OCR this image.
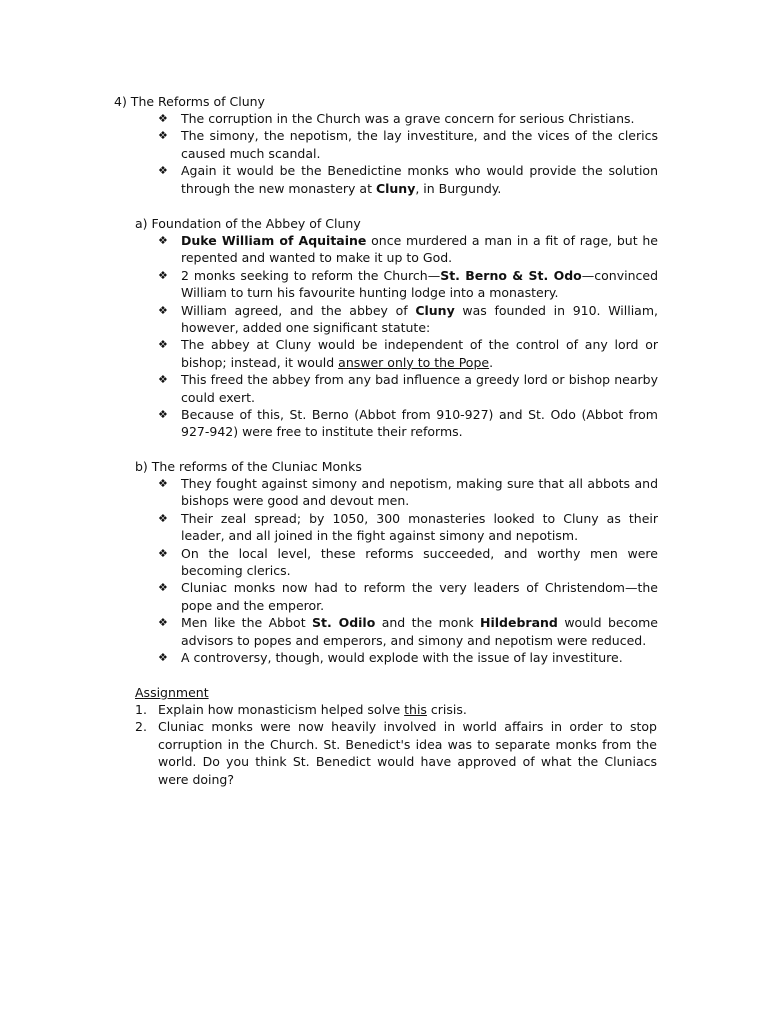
4) The Reforms of Cluny
❖ The corruption in the Church was a grave concern for serious Christians.
❖ The simony, the nepotism, the lay investiture, and the vices of the clerics caused much scandal.
❖ Again it would be the Benedictine monks who would provide the solution through the new monastery at Cluny, in Burgundy.
a) Foundation of the Abbey of Cluny
❖ Duke William of Aquitaine once murdered a man in a fit of rage, but he repented and wanted to make it up to God.
❖ 2 monks seeking to reform the Church—St. Berno & St. Odo—convinced William to turn his favourite hunting lodge into a monastery.
❖ William agreed, and the abbey of Cluny was founded in 910. William, however, added one significant statute:
❖ The abbey at Cluny would be independent of the control of any lord or bishop; instead, it would answer only to the Pope.
❖ This freed the abbey from any bad influence a greedy lord or bishop nearby could exert.
❖ Because of this, St. Berno (Abbot from 910-927) and St. Odo (Abbot from 927-942) were free to institute their reforms.
b) The reforms of the Cluniac Monks
❖ They fought against simony and nepotism, making sure that all abbots and bishops were good and devout men.
❖ Their zeal spread; by 1050, 300 monasteries looked to Cluny as their leader, and all joined in the fight against simony and nepotism.
❖ On the local level, these reforms succeeded, and worthy men were becoming clerics.
❖ Cluniac monks now had to reform the very leaders of Christendom—the pope and the emperor.
❖ Men like the Abbot St. Odilo and the monk Hildebrand would become advisors to popes and emperors, and simony and nepotism were reduced.
❖ A controversy, though, would explode with the issue of lay investiture.
Assignment
1. Explain how monasticism helped solve this crisis.
2. Cluniac monks were now heavily involved in world affairs in order to stop corruption in the Church. St. Benedict's idea was to separate monks from the world. Do you think St. Benedict would have approved of what the Cluniacs were doing?
